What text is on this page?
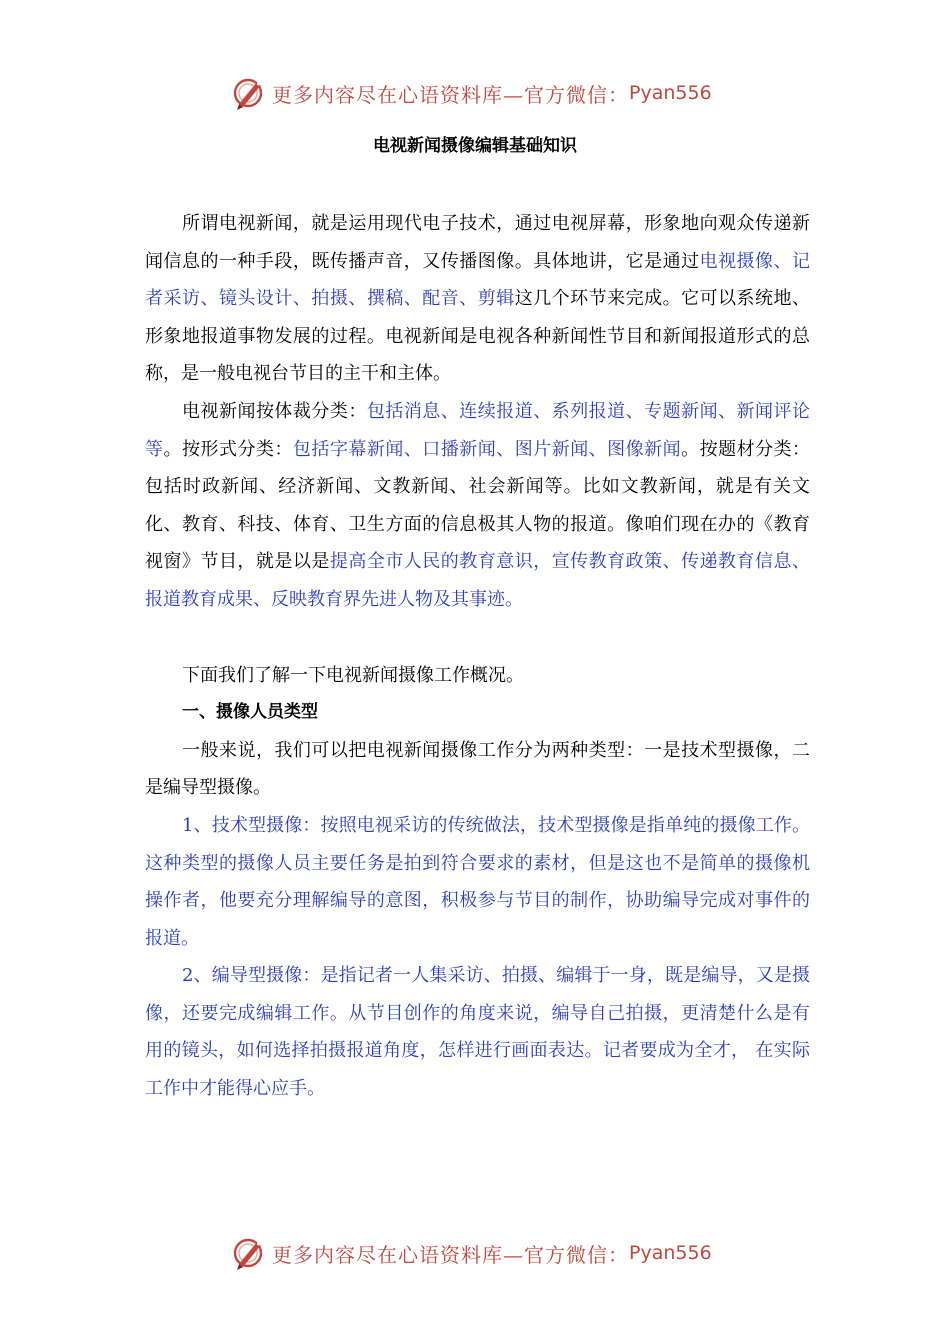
更多内容尽在心语资料库—官方微信： Pyan556
电视新闻摄像编辑基础知识

所谓电视新闻，就是运用现代电子技术，通过电视屏幕，形象地向观众传递新闻信息的一种手段，既传播声音，又传播图像。具体地讲，它是通过电视摄像、记者采访、镜头设计、拍摄、撰稿、配音、剪辑这几个环节来完成。它可以系统地、形象地报道事物发展的过程。电视新闻是电视各种新闻性节目和新闻报道形式的总称，是一般电视台节目的主干和主体。

电视新闻按体裁分类：包括消息、连续报道、系列报道、专题新闻、新闻评论等。按形式分类：包括字幕新闻、口播新闻、图片新闻、图像新闻。按题材分类：包括时政新闻、经济新闻、文教新闻、社会新闻等。比如文教新闻，就是有关文化、教育、科技、体育、卫生方面的信息极其人物的报道。像咱们现在办的《教育视窗》节目，就是以是提高全市人民的教育意识，宣传教育政策、传递教育信息、报道教育成果、反映教育界先进人物及其事迹。

下面我们了解一下电视新闻摄像工作概况。

一、摄像人员类型

一般来说，我们可以把电视新闻摄像工作分为两种类型：一是技术型摄像，二是编导型摄像。

1、技术型摄像：按照电视采访的传统做法，技术型摄像是指单纯的摄像工作。这种类型的摄像人员主要任务是拍到符合要求的素材，但是这也不是简单的摄像机操作者，他要充分理解编导的意图，积极参与节目的制作，协助编导完成对事件的报道。

2、编导型摄像：是指记者一人集采访、拍摄、编辑于一身，既是编导，又是摄像，还要完成编辑工作。从节目创作的角度来说，编导自己拍摄，更清楚什么是有用的镜头，如何选择拍摄报道角度，怎样进行画面表达。记者要成为全才， 在实际工作中才能得心应手。

更多内容尽在心语资料库—官方微信： Pyan556
